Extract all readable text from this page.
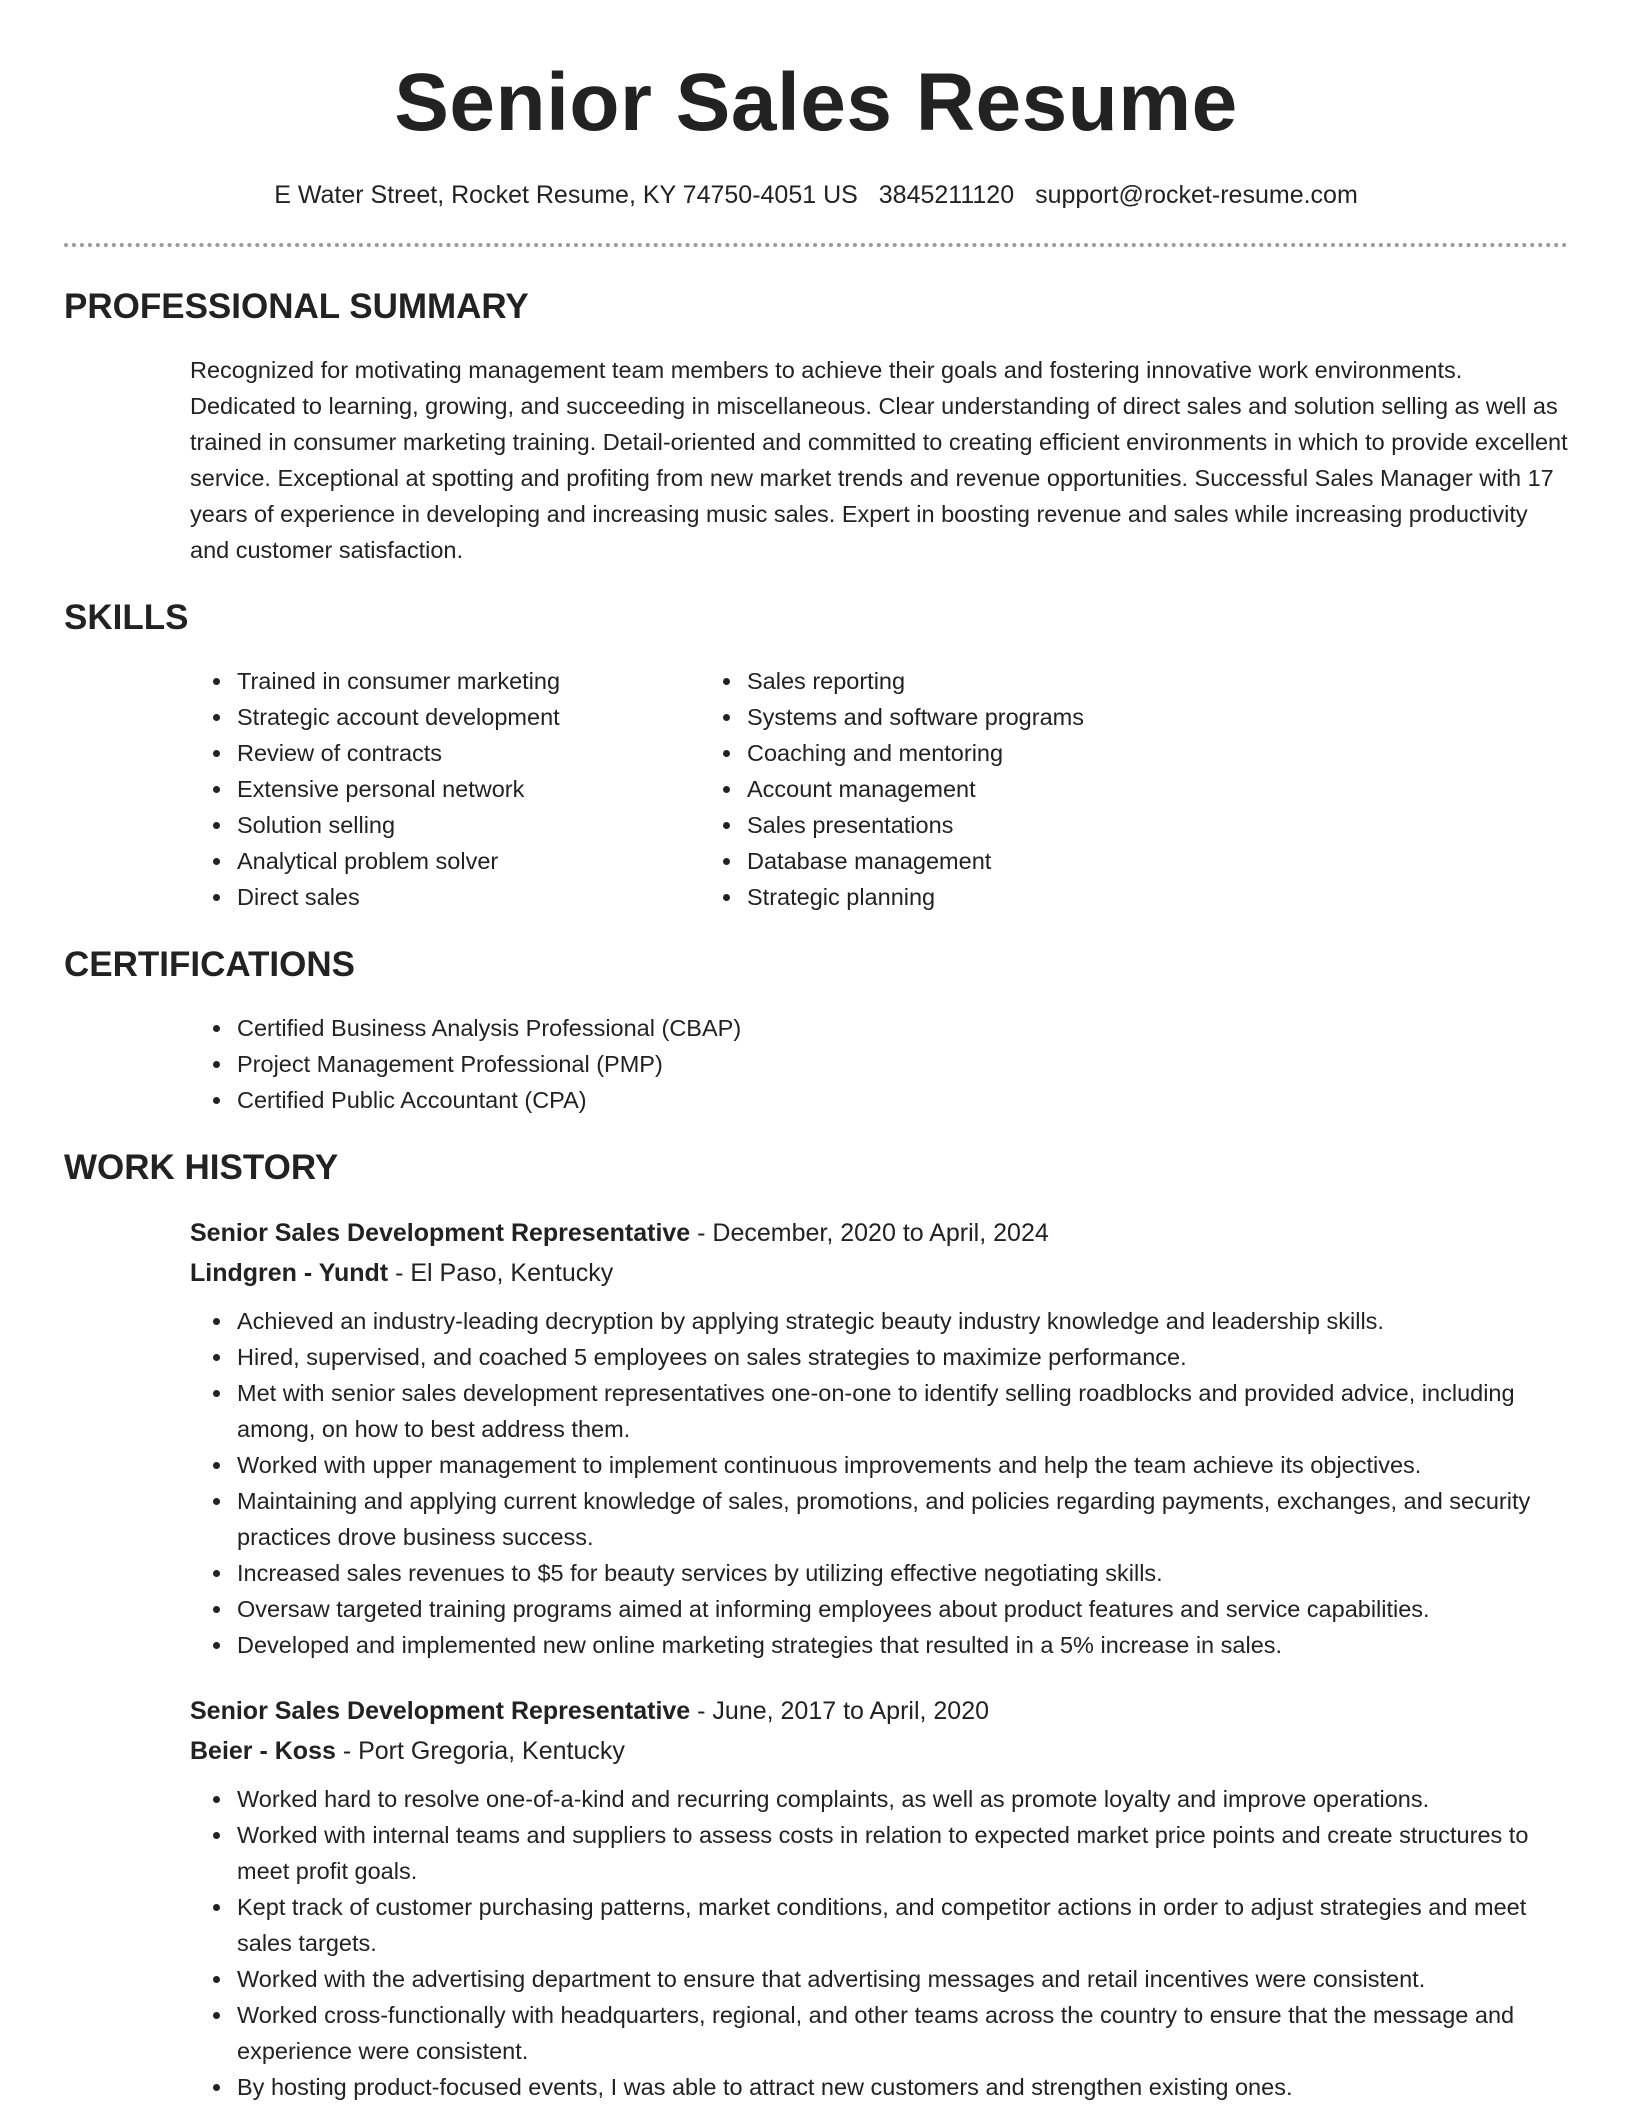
Senior Sales Resume
E Water Street, Rocket Resume, KY 74750-4051 US 3845211120 support@rocket-resume.com
PROFESSIONAL SUMMARY
Recognized for motivating management team members to achieve their goals and fostering innovative work environments. Dedicated to learning, growing, and succeeding in miscellaneous. Clear understanding of direct sales and solution selling as well as trained in consumer marketing training. Detail-oriented and committed to creating efficient environments in which to provide excellent service. Exceptional at spotting and profiting from new market trends and revenue opportunities. Successful Sales Manager with 17 years of experience in developing and increasing music sales. Expert in boosting revenue and sales while increasing productivity and customer satisfaction.
SKILLS
• Trained in consumer marketing
• Strategic account development
• Review of contracts
• Extensive personal network
• Solution selling
• Analytical problem solver
• Direct sales
• Sales reporting
• Systems and software programs
• Coaching and mentoring
• Account management
• Sales presentations
• Database management
• Strategic planning
CERTIFICATIONS
• Certified Business Analysis Professional (CBAP)
• Project Management Professional (PMP)
• Certified Public Accountant (CPA)
WORK HISTORY
Senior Sales Development Representative - December, 2020 to April, 2024
Lindgren - Yundt - El Paso, Kentucky
• Achieved an industry-leading decryption by applying strategic beauty industry knowledge and leadership skills.
• Hired, supervised, and coached 5 employees on sales strategies to maximize performance.
• Met with senior sales development representatives one-on-one to identify selling roadblocks and provided advice, including among, on how to best address them.
• Worked with upper management to implement continuous improvements and help the team achieve its objectives.
• Maintaining and applying current knowledge of sales, promotions, and policies regarding payments, exchanges, and security practices drove business success.
• Increased sales revenues to $5 for beauty services by utilizing effective negotiating skills.
• Oversaw targeted training programs aimed at informing employees about product features and service capabilities.
• Developed and implemented new online marketing strategies that resulted in a 5% increase in sales.
Senior Sales Development Representative - June, 2017 to April, 2020
Beier - Koss - Port Gregoria, Kentucky
• Worked hard to resolve one-of-a-kind and recurring complaints, as well as promote loyalty and improve operations.
• Worked with internal teams and suppliers to assess costs in relation to expected market price points and create structures to meet profit goals.
• Kept track of customer purchasing patterns, market conditions, and competitor actions in order to adjust strategies and meet sales targets.
• Worked with the advertising department to ensure that advertising messages and retail incentives were consistent.
• Worked cross-functionally with headquarters, regional, and other teams across the country to ensure that the message and experience were consistent.
• By hosting product-focused events, I was able to attract new customers and strengthen existing ones.
